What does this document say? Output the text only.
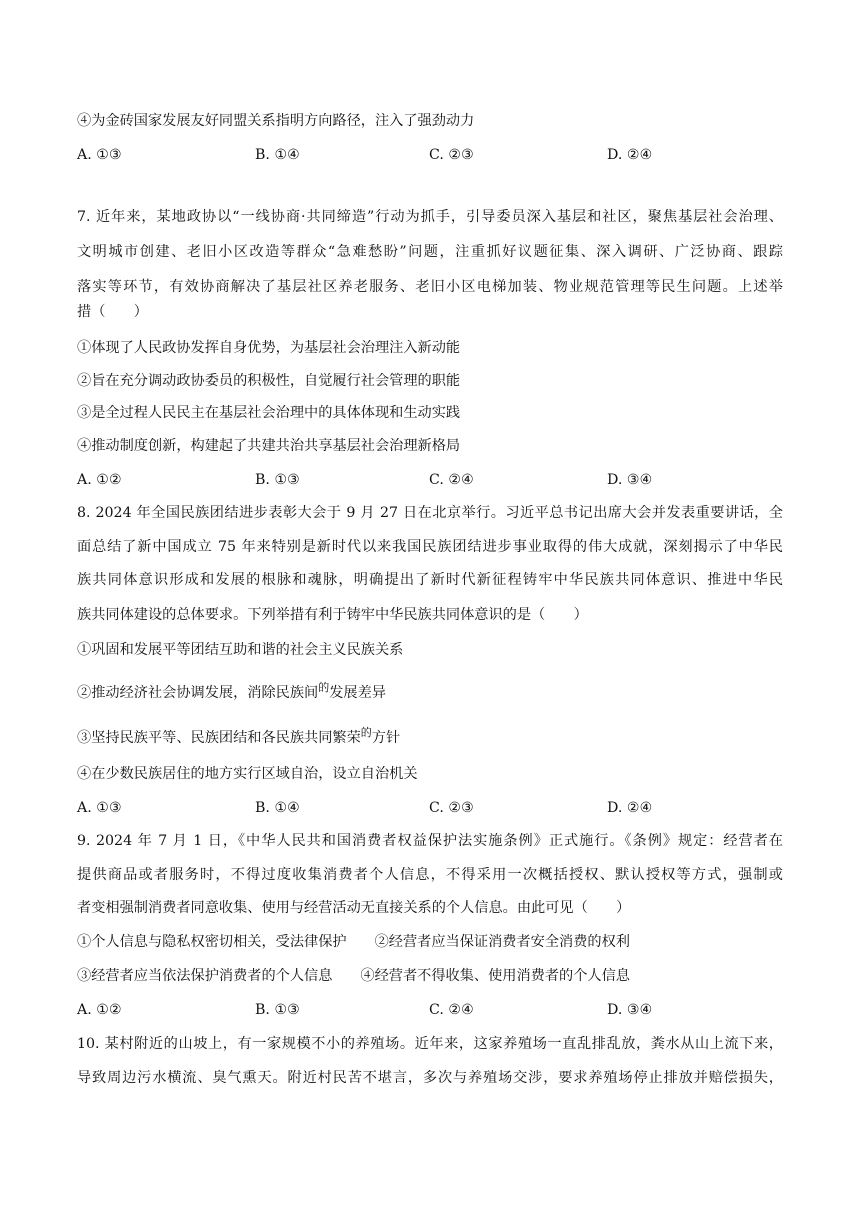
④为金砖国家发展友好同盟关系指明方向路径，注入了强劲动力
A. ①③	B. ①④	C. ②③	D. ②④
7. 近年来，某地政协以“一线协商·共同缔造”行动为抓手，引导委员深入基层和社区，聚焦基层社会治理、
文明城市创建、老旧小区改造等群众“急难愁盼”问题，注重抓好议题征集、深入调研、广泛协商、跟踪
落实等环节，有效协商解决了基层社区养老服务、老旧小区电梯加装、物业规范管理等民生问题。上述举
措（　　）
①体现了人民政协发挥自身优势，为基层社会治理注入新动能
②旨在充分调动政协委员的积极性，自觉履行社会管理的职能
③是全过程人民民主在基层社会治理中的具体体现和生动实践
④推动制度创新，构建起了共建共治共享基层社会治理新格局
A. ①②	B. ①③	C. ②④	D. ③④
8. 2024 年全国民族团结进步表彰大会于 9 月 27 日在北京举行。习近平总书记出席大会并发表重要讲话，全
面总结了新中国成立 75 年来特别是新时代以来我国民族团结进步事业取得的伟大成就，深刻揭示了中华民
族共同体意识形成和发展的根脉和魂脉，明确提出了新时代新征程铸牢中华民族共同体意识、推进中华民
族共同体建设的总体要求。下列举措有利于铸牢中华民族共同体意识的是（　　）
①巩固和发展平等团结互助和谐的社会主义民族关系
②推动经济社会协调发展，消除民族间$^的$发展差异
③坚持民族平等、民族团结和各民族共同繁荣$^的$方针
④在少数民族居住的地方实行区域自治，设立自治机关
A. ①③	B. ①④	C. ②③	D. ②④
9. 2024 年 7 月 1 日，《中华人民共和国消费者权益保护法实施条例》正式施行。《条例》规定：经营者在
提供商品或者服务时，不得过度收集消费者个人信息，不得采用一次概括授权、默认授权等方式，强制或
者变相强制消费者同意收集、使用与经营活动无直接关系的个人信息。由此可见（　　）
①个人信息与隐私权密切相关，受法律保护 ②经营者应当保证消费者安全消费的权利
③经营者应当依法保护消费者的个人信息 ④经营者不得收集、使用消费者的个人信息
A. ①②	B. ①③	C. ②④	D. ③④
10. 某村附近的山坡上，有一家规模不小的养殖场。近年来，这家养殖场一直乱排乱放，粪水从山上流下来，
导致周边污水横流、臭气熏天。附近村民苦不堪言，多次与养殖场交涉，要求养殖场停止排放并赔偿损失，
